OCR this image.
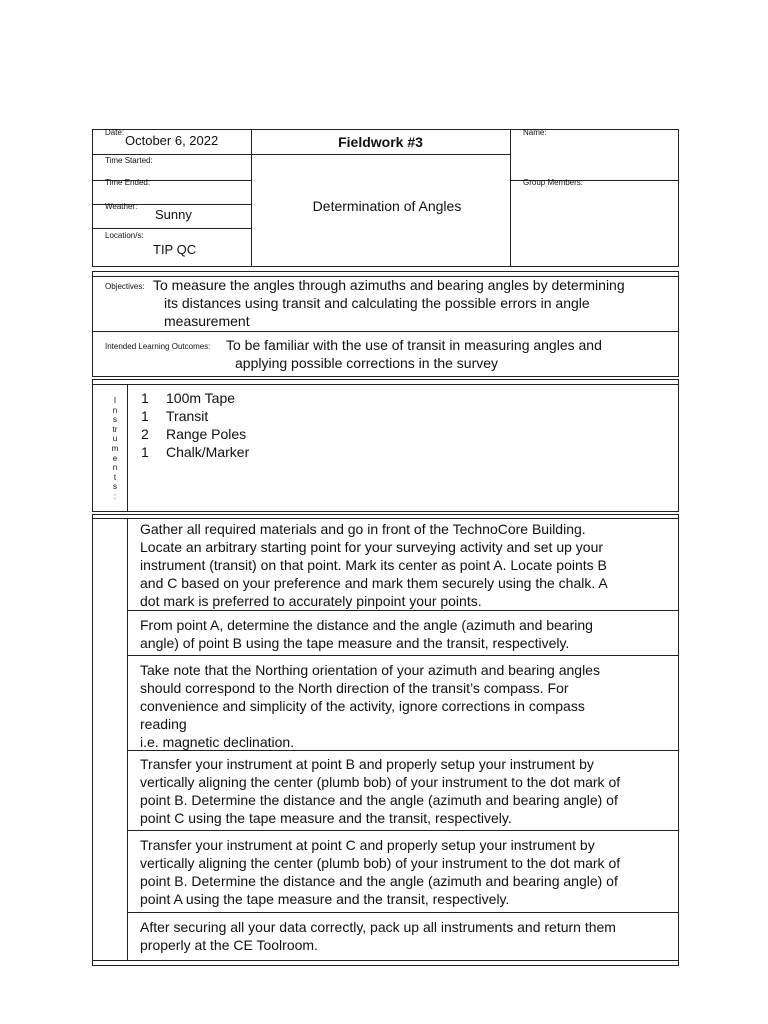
Date:
October 6, 2022
Time Started:
Time Ended:
Weather:
Sunny
Location/s:
TIP QC
Fieldwork #3
Determination of Angles
Name:
Group Members:
Objectives: To measure the angles through azimuths and bearing angles by determining
its distances using transit and calculating the possible errors in angle
measurement
Intended Learning Outcomes: To be familiar with the use of transit in measuring angles and
applying possible corrections in the survey
I
n
s
tr
u
m
e
n
t
s
:
1 100m Tape
1 Transit
2 Range Poles
1 Chalk/Marker
Gather all required materials and go in front of the TechnoCore Building.
Locate an arbitrary starting point for your surveying activity and set up your
instrument (transit) on that point. Mark its center as point A. Locate points B
and C based on your preference and mark them securely using the chalk. A
dot mark is preferred to accurately pinpoint your points.
From point A, determine the distance and the angle (azimuth and bearing
angle) of point B using the tape measure and the transit, respectively.
Take note that the Northing orientation of your azimuth and bearing angles
should correspond to the North direction of the transit’s compass. For
convenience and simplicity of the activity, ignore corrections in compass
reading
i.e. magnetic declination.
Transfer your instrument at point B and properly setup your instrument by
vertically aligning the center (plumb bob) of your instrument to the dot mark of
point B. Determine the distance and the angle (azimuth and bearing angle) of
point C using the tape measure and the transit, respectively.
Transfer your instrument at point C and properly setup your instrument by
vertically aligning the center (plumb bob) of your instrument to the dot mark of
point B. Determine the distance and the angle (azimuth and bearing angle) of
point A using the tape measure and the transit, respectively.
After securing all your data correctly, pack up all instruments and return them
properly at the CE Toolroom.
